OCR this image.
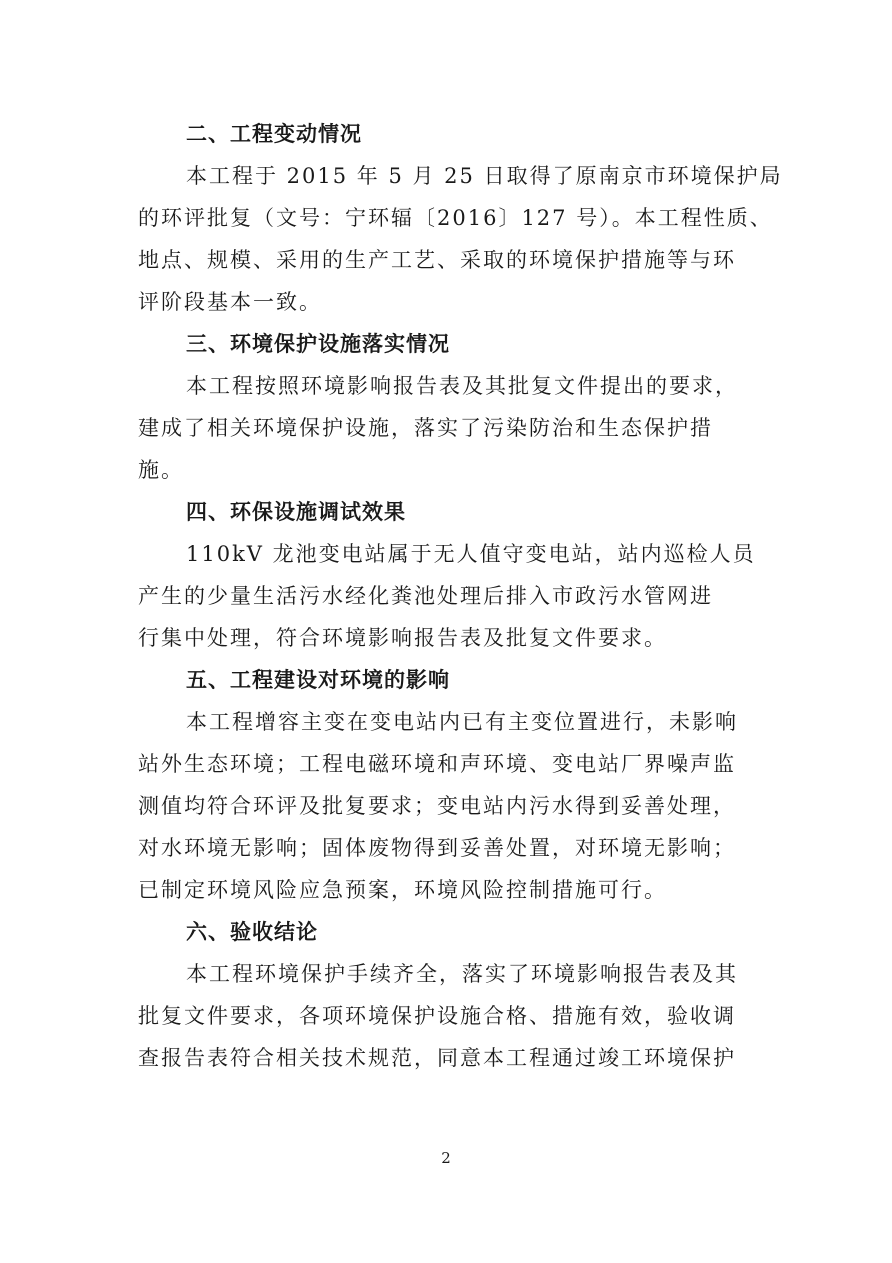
二、工程变动情况
本工程于 2015 年 5 月 25 日取得了原南京市环境保护局
的环评批复（文号：宁环辐〔2016〕127 号）。本工程性质、
地点、规模、采用的生产工艺、采取的环境保护措施等与环
评阶段基本一致。
三、环境保护设施落实情况
本工程按照环境影响报告表及其批复文件提出的要求，
建成了相关环境保护设施，落实了污染防治和生态保护措
施。
四、环保设施调试效果
110kV 龙池变电站属于无人值守变电站，站内巡检人员
产生的少量生活污水经化粪池处理后排入市政污水管网进
行集中处理，符合环境影响报告表及批复文件要求。
五、工程建设对环境的影响
本工程增容主变在变电站内已有主变位置进行，未影响
站外生态环境；工程电磁环境和声环境、变电站厂界噪声监
测值均符合环评及批复要求；变电站内污水得到妥善处理，
对水环境无影响；固体废物得到妥善处置，对环境无影响；
已制定环境风险应急预案，环境风险控制措施可行。
六、验收结论
本工程环境保护手续齐全，落实了环境影响报告表及其
批复文件要求，各项环境保护设施合格、措施有效，验收调
查报告表符合相关技术规范，同意本工程通过竣工环境保护
2
